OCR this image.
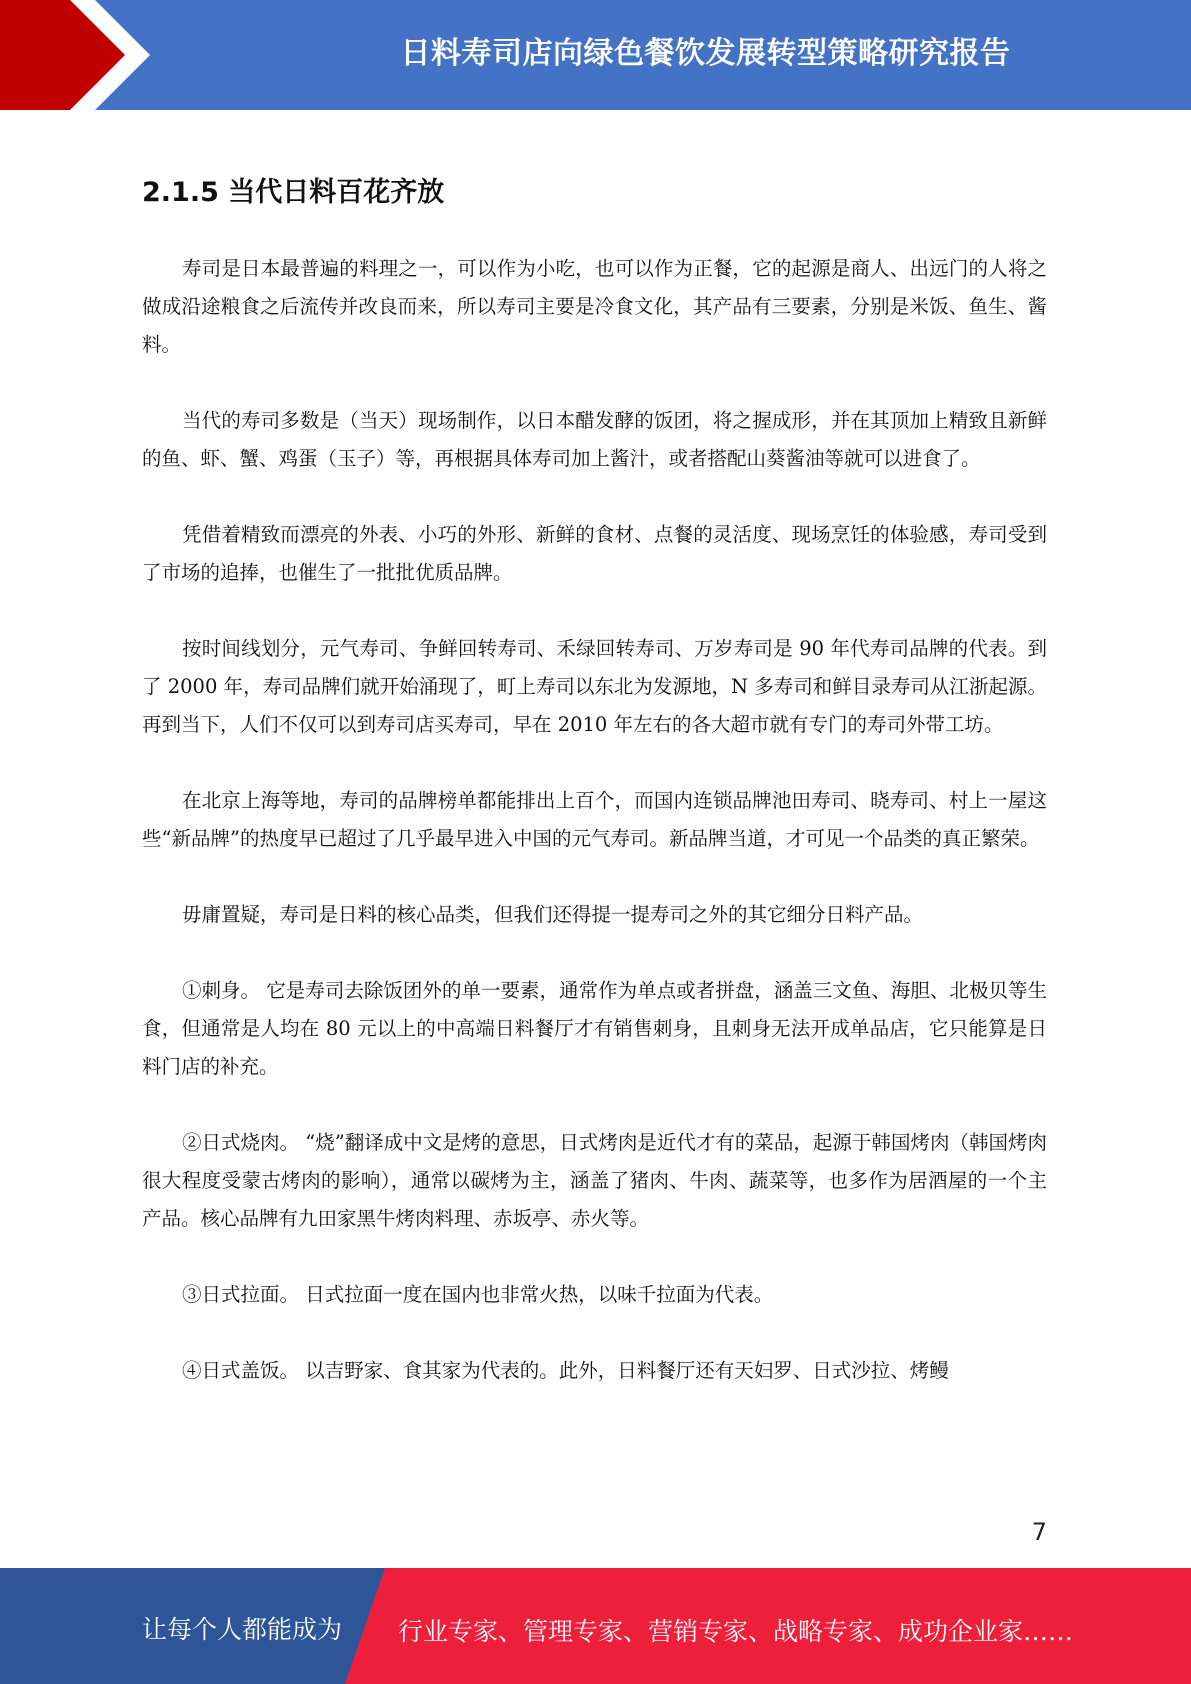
日料寿司店向绿色餐饮发展转型策略研究报告
2.1.5 当代日料百花齐放

寿司是日本最普遍的料理之一，可以作为小吃，也可以作为正餐，它的起源是商人、出远门的人将之做成沿途粮食之后流传并改良而来，所以寿司主要是冷食文化，其产品有三要素，分别是米饭、鱼生、酱料。

当代的寿司多数是（当天）现场制作，以日本醋发酵的饭团，将之握成形，并在其顶加上精致且新鲜的鱼、虾、蟹、鸡蛋（玉子）等，再根据具体寿司加上酱汁，或者搭配山葵酱油等就可以进食了。

凭借着精致而漂亮的外表、小巧的外形、新鲜的食材、点餐的灵活度、现场烹饪的体验感，寿司受到了市场的追捧，也催生了一批批优质品牌。

按时间线划分，元气寿司、争鲜回转寿司、禾绿回转寿司、万岁寿司是 90 年代寿司品牌的代表。到了 2000 年，寿司品牌们就开始涌现了，町上寿司以东北为发源地，N 多寿司和鲜目录寿司从江浙起源。再到当下，人们不仅可以到寿司店买寿司，早在 2010 年左右的各大超市就有专门的寿司外带工坊。

在北京上海等地，寿司的品牌榜单都能排出上百个，而国内连锁品牌池田寿司、晓寿司、村上一屋这些“新品牌”的热度早已超过了几乎最早进入中国的元气寿司。新品牌当道，才可见一个品类的真正繁荣。

毋庸置疑，寿司是日料的核心品类，但我们还得提一提寿司之外的其它细分日料产品。

①刺身。 它是寿司去除饭团外的单一要素，通常作为单点或者拼盘，涵盖三文鱼、海胆、北极贝等生食，但通常是人均在 80 元以上的中高端日料餐厅才有销售刺身，且刺身无法开成单品店，它只能算是日料门店的补充。

②日式烧肉。 “烧”翻译成中文是烤的意思，日式烤肉是近代才有的菜品，起源于韩国烤肉（韩国烤肉很大程度受蒙古烤肉的影响），通常以碳烤为主，涵盖了猪肉、牛肉、蔬菜等，也多作为居酒屋的一个主产品。核心品牌有九田家黑牛烤肉料理、赤坂亭、赤火等。

③日式拉面。 日式拉面一度在国内也非常火热，以味千拉面为代表。

④日式盖饭。 以吉野家、食其家为代表的。此外，日料餐厅还有天妇罗、日式沙拉、烤鳗

7
让每个人都能成为 行业专家、管理专家、营销专家、战略专家、成功企业家……
